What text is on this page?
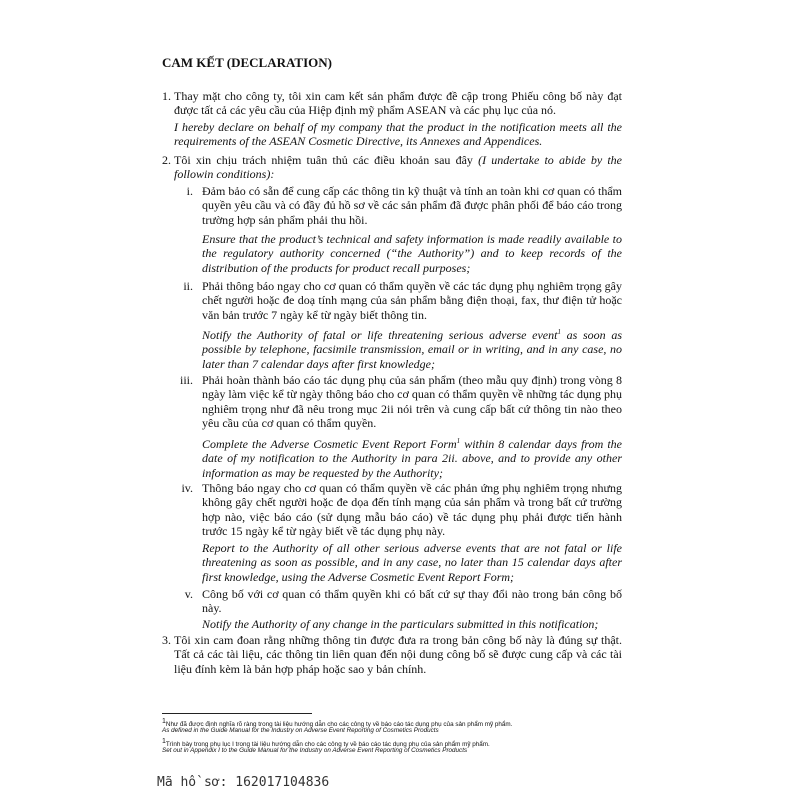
CAM KẾT (DECLARATION)
1. Thay mặt cho công ty, tôi xin cam kết sản phẩm được đề cập trong Phiếu công bố này đạt được tất cả các yêu cầu của Hiệp định mỹ phẩm ASEAN và các phụ lục của nó.
I hereby declare on behalf of my company that the product in the notification meets all the requirements of the ASEAN Cosmetic Directive, its Annexes and Appendices.
2. Tôi xin chịu trách nhiệm tuân thủ các điều khoản sau đây (I undertake to abide by the followin conditions):
i. Đảm bảo có sẵn để cung cấp các thông tin kỹ thuật và tính an toàn khi cơ quan có thẩm quyền yêu cầu và có đầy đủ hồ sơ về các sản phẩm đã được phân phối để báo cáo trong trường hợp sản phẩm phải thu hồi.
Ensure that the product’s technical and safety information is made readily available to the regulatory authority concerned (“the Authority”) and to keep records of the distribution of the products for product recall purposes;
ii. Phải thông báo ngay cho cơ quan có thẩm quyền về các tác dụng phụ nghiêm trọng gây chết người hoặc đe doạ tính mạng của sản phẩm bằng điện thoại, fax, thư điện tử hoặc văn bản trước 7 ngày kể từ ngày biết thông tin.
Notify the Authority of fatal or life threatening serious adverse event$^1$ as soon as possible by telephone, facsimile transmission, email or in writing, and in any case, no later than 7 calendar days after first knowledge;
iii. Phải hoàn thành báo cáo tác dụng phụ của sản phẩm (theo mẫu quy định) trong vòng 8 ngày làm việc kể từ ngày thông báo cho cơ quan có thẩm quyền về những tác dụng phụ nghiêm trọng như đã nêu trong mục 2ii nói trên và cung cấp bất cứ thông tin nào theo yêu cầu của cơ quan có thẩm quyền.
Complete the Adverse Cosmetic Event Report Form$^1$ within 8 calendar days from the date of my notification to the Authority in para 2ii. above, and to provide any other information as may be requested by the Authority;
iv. Thông báo ngay cho cơ quan có thẩm quyền về các phản ứng phụ nghiêm trọng nhưng không gây chết người hoặc đe dọa đến tính mạng của sản phẩm và trong bất cứ trường hợp nào, việc báo cáo (sử dụng mẫu báo cáo) về tác dụng phụ phải được tiến hành trước 15 ngày kể từ ngày biết về tác dụng phụ này.
Report to the Authority of all other serious adverse events that are not fatal or life threatening as soon as possible, and in any case, no later than 15 calendar days after first knowledge, using the Adverse Cosmetic Event Report Form;
v. Công bố với cơ quan có thẩm quyền khi có bất cứ sự thay đổi nào trong bản công bố này.
Notify the Authority of any change in the particulars submitted in this notification;
3. Tôi xin cam đoan rằng những thông tin được đưa ra trong bản công bố này là đúng sự thật. Tất cả các tài liệu, các thông tin liên quan đến nội dung công bố sẽ được cung cấp và các tài liệu đính kèm là bản hợp pháp hoặc sao y bản chính.
$^1$Như đã được định nghĩa rõ ràng trong tài liệu hướng dẫn cho các công ty về báo cáo tác dụng phụ của sản phẩm mỹ phẩm.
As defined in the Guide Manual for the Industry on Adverse Event Reporting of Cosmetics Products
$^1$Trình bày trong phụ lục I trong tài liệu hướng dẫn cho các công ty về báo cáo tác dụng phụ của sản phẩm mỹ phẩm.
Set out in Appendix I to the Guide Manual for the Industry on Adverse Event Reporting of Cosmetics Products
Mã hồ sơ: 162017104836
